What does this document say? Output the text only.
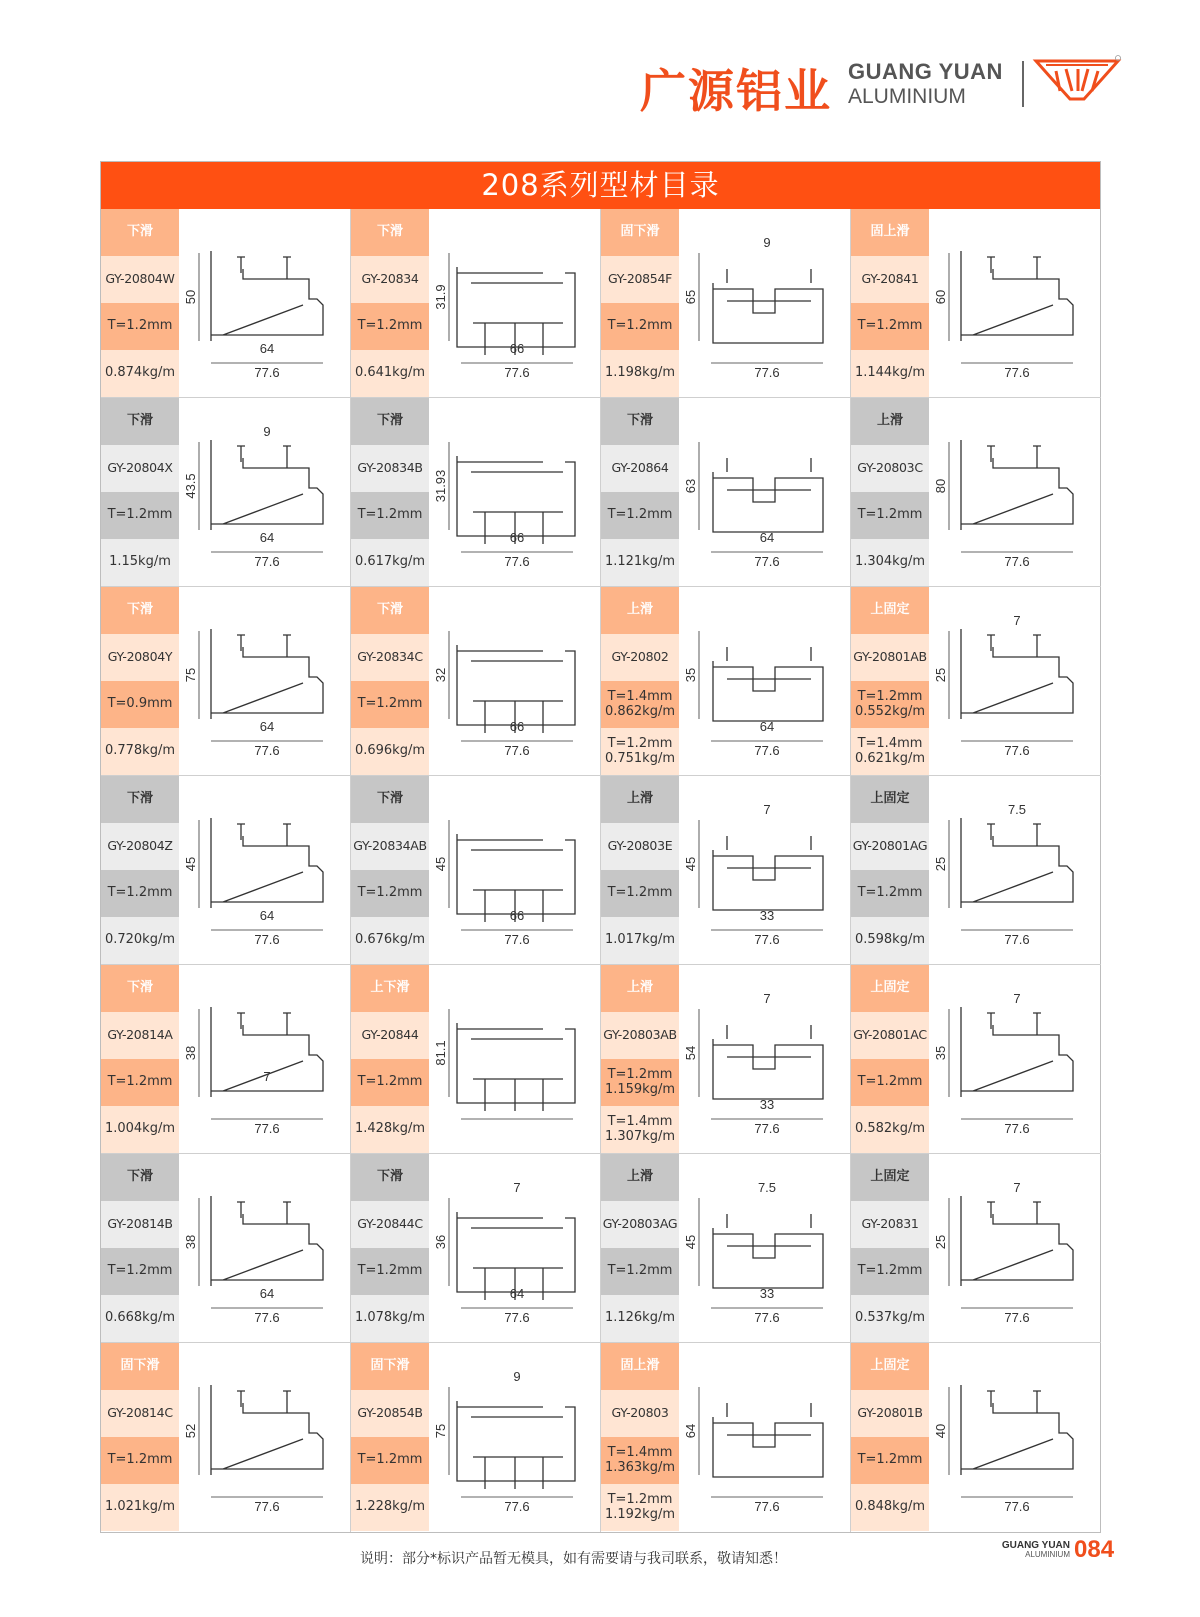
广源铝业 GUANG YUAN
ALUMINIUM
208系列型材目录
下滑
GY-20804W
T=1.2mm
0.874kg/m
50
64
77.6
下滑
GY-20834
T=1.2mm
0.641kg/m
31.9
66
77.6
固下滑
GY-20854F
T=1.2mm
1.198kg/m
65
77.6
9
固上滑
GY-20841
T=1.2mm
1.144kg/m
60
77.6
下滑
GY-20804X
T=1.2mm
1.15kg/m
43.5
64
77.6
9
下滑
GY-20834B
T=1.2mm
0.617kg/m
31.93
66
77.6
下滑
GY-20864
T=1.2mm
1.121kg/m
63
64
77.6
上滑
GY-20803C
T=1.2mm
1.304kg/m
80
77.6
下滑
GY-20804Y
T=0.9mm
0.778kg/m
75
64
77.6
下滑
GY-20834C
T=1.2mm
0.696kg/m
32
66
77.6
上滑
GY-20802
T=1.4mm
0.862kg/m
T=1.2mm
0.751kg/m
35
64
77.6
上固定
GY-20801AB
T=1.2mm
0.552kg/m
T=1.4mm
0.621kg/m
25
77.6
7
下滑
GY-20804Z
T=1.2mm
0.720kg/m
45
64
77.6
下滑
GY-20834AB
T=1.2mm
0.676kg/m
45
66
77.6
上滑
GY-20803E
T=1.2mm
1.017kg/m
45
33
77.6
7
上固定
GY-20801AG
T=1.2mm
0.598kg/m
25
77.6
7.5
下滑
GY-20814A
T=1.2mm
1.004kg/m
38
77.6
7
上下滑
GY-20844
T=1.2mm
1.428kg/m
81.1
上滑
GY-20803AB
T=1.2mm
1.159kg/m
T=1.4mm
1.307kg/m
54
33
77.6
7
上固定
GY-20801AC
T=1.2mm
0.582kg/m
35
77.6
7
下滑
GY-20814B
T=1.2mm
0.668kg/m
38
64
77.6
下滑
GY-20844C
T=1.2mm
1.078kg/m
36
64
77.6
7
上滑
GY-20803AG
T=1.2mm
1.126kg/m
45
33
77.6
7.5
上固定
GY-20831
T=1.2mm
0.537kg/m
25
77.6
7
固下滑
GY-20814C
T=1.2mm
1.021kg/m
52
77.6
固下滑
GY-20854B
T=1.2mm
1.228kg/m
75
77.6
9
固上滑
GY-20803
T=1.4mm
1.363kg/m
T=1.2mm
1.192kg/m
64
77.6
上固定
GY-20801B
T=1.2mm
0.848kg/m
40
77.6
说明：部分*标识产品暂无模具，如有需要请与我司联系，敬请知悉！
GUANG YUAN
ALUMINIUM 084
